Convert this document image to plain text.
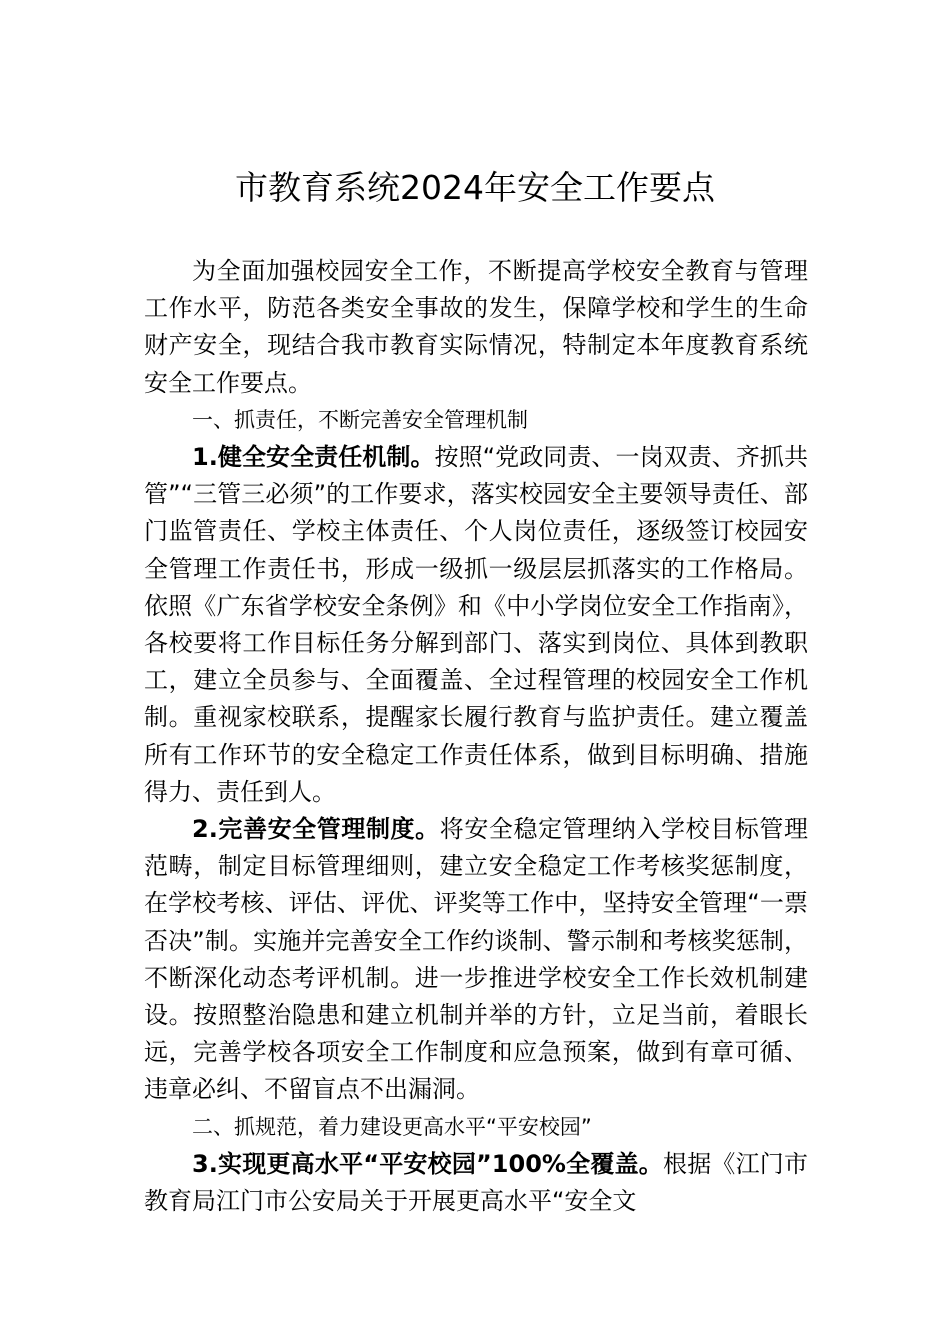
市教育系统2024年安全工作要点

为全面加强校园安全工作，不断提高学校安全教育与管理工作水平，防范各类安全事故的发生，保障学校和学生的生命财产安全，现结合我市教育实际情况，特制定本年度教育系统安全工作要点。

一、抓责任，不断完善安全管理机制

1.健全安全责任机制。按照“党政同责、一岗双责、齐抓共管”“三管三必须”的工作要求，落实校园安全主要领导责任、部门监管责任、学校主体责任、个人岗位责任，逐级签订校园安全管理工作责任书，形成一级抓一级层层抓落实的工作格局。依照《广东省学校安全条例》和《中小学岗位安全工作指南》，各校要将工作目标任务分解到部门、落实到岗位、具体到教职工，建立全员参与、全面覆盖、全过程管理的校园安全工作机制。重视家校联系，提醒家长履行教育与监护责任。建立覆盖所有工作环节的安全稳定工作责任体系，做到目标明确、措施得力、责任到人。

2.完善安全管理制度。将安全稳定管理纳入学校目标管理范畴，制定目标管理细则，建立安全稳定工作考核奖惩制度，在学校考核、评估、评优、评奖等工作中，坚持安全管理“一票否决”制。实施并完善安全工作约谈制、警示制和考核奖惩制，不断深化动态考评机制。进一步推进学校安全工作长效机制建设。按照整治隐患和建立机制并举的方针，立足当前，着眼长远，完善学校各项安全工作制度和应急预案，做到有章可循、违章必纠、不留盲点不出漏洞。

二、抓规范，着力建设更高水平“平安校园”

3.实现更高水平“平安校园”100%全覆盖。根据《江门市教育局江门市公安局关于开展更高水平“安全文
